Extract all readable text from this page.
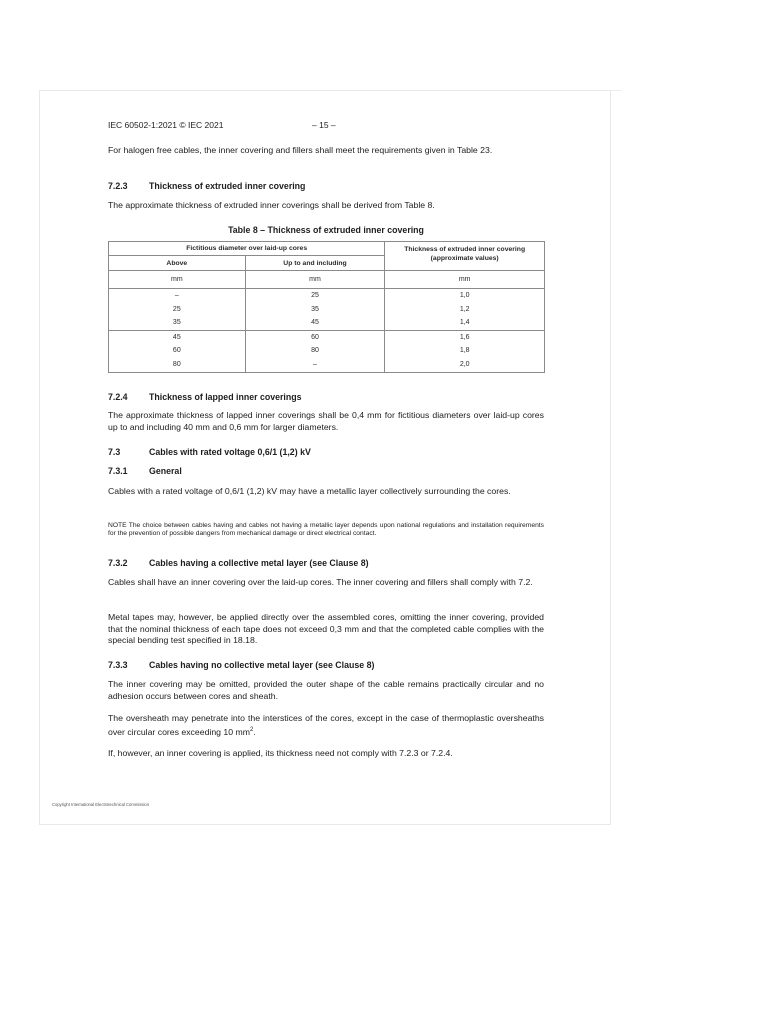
IEC 60502-1:2021 © IEC 2021	– 15 –
For halogen free cables, the inner covering and fillers shall meet the requirements given in Table 23.
7.2.3 Thickness of extruded inner covering
The approximate thickness of extruded inner coverings shall be derived from Table 8.
Table 8 – Thickness of extruded inner covering
Fictitious diameter over laid-up cores		Thickness of extruded inner covering
(approximate values)

Above	Up to and including	
mm	mm	mm
–	25	1,0
25	35	1,2
35	45	1,4
45	60	1,6
60	80	1,8
80	–	2,0
7.2.4 Thickness of lapped inner coverings
The approximate thickness of lapped inner coverings shall be 0,4 mm for fictitious diameters over laid-up cores up to and including 40 mm and 0,6 mm for larger diameters.
7.3	Cables with rated voltage 0,6/1 (1,2) kV
7.3.1 General
Cables with a rated voltage of 0,6/1 (1,2) kV may have a metallic layer collectively surrounding the cores.
NOTE The choice between cables having and cables not having a metallic layer depends upon national regulations and installation requirements for the prevention of possible dangers from mechanical damage or direct electrical contact.
7.3.2 Cables having a collective metal layer (see Clause 8)
Cables shall have an inner covering over the laid-up cores. The inner covering and fillers shall comply with 7.2.
Metal tapes may, however, be applied directly over the assembled cores, omitting the inner covering, provided that the nominal thickness of each tape does not exceed 0,3 mm and that the completed cable complies with the special bending test specified in 18.18.
7.3.3 Cables having no collective metal layer (see Clause 8)
The inner covering may be omitted, provided the outer shape of the cable remains practically circular and no adhesion occurs between cores and sheath.
The oversheath may penetrate into the interstices of the cores, except in the case of thermoplastic oversheaths over circular cores exceeding 10 $mm^2$.
If, however, an inner covering is applied, its thickness need not comply with 7.2.3 or 7.2.4.
Copyright International Electrotechnical Commission
